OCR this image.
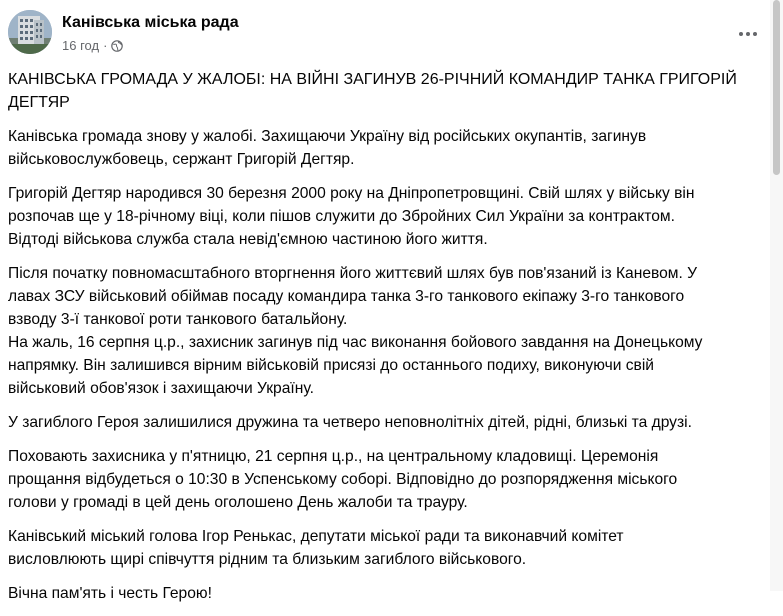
Канівська міська рада
16 год ·

КАНІВСЬКА ГРОМАДА У ЖАЛОБІ: НА ВІЙНІ ЗАГИНУВ 26-РІЧНИЙ КОМАНДИР ТАНКА ГРИГОРІЙ ДЕГТЯР

Канівська громада знову у жалобі. Захищаючи Україну від російських окупантів, загинув
військовослужбовець, сержант Григорій Дегтяр.

Григорій Дегтяр народився 30 березня 2000 року на Дніпропетровщині. Свій шлях у війську він
розпочав ще у 18-річному віці, коли пішов служити до Збройних Сил України за контрактом.
Відтоді військова служба стала невід'ємною частиною його життя.

Після початку повномасштабного вторгнення його життєвий шлях був пов'язаний із Каневом. У
лавах ЗСУ військовий обіймав посаду командира танка 3-го танкового екіпажу 3-го танкового
взводу 3-ї танкової роти танкового батальйону.
На жаль, 16 серпня ц.р., захисник загинув під час виконання бойового завдання на Донецькому
напрямку. Він залишився вірним військовій присязі до останнього подиху, виконуючи свій
військовий обов'язок і захищаючи Україну.

У загиблого Героя залишилися дружина та четверо неповнолітніх дітей, рідні, близькі та друзі.

Поховають захисника у п'ятницю, 21 серпня ц.р., на центральному кладовищі. Церемонія
прощання відбудеться о 10:30 в Успенському соборі. Відповідно до розпорядження міського
голови у громаді в цей день оголошено День жалоби та трауру.

Канівський міський голова Ігор Ренькас, депутати міської ради та виконавчий комітет
висловлюють щирі співчуття рідним та близьким загиблого військового.

Вічна пам'ять і честь Герою!
